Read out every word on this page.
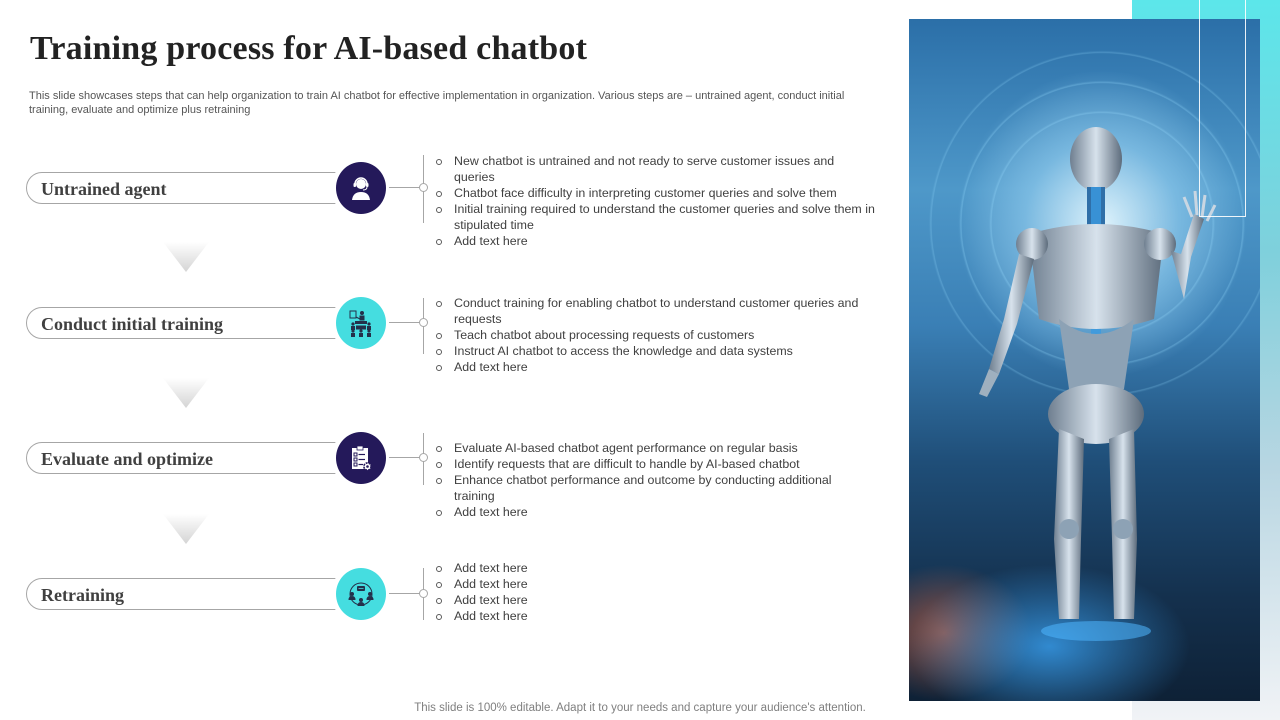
Training process for AI-based chatbot
This slide showcases steps that can help organization to train AI chatbot for effective implementation in organization. Various steps are – untrained agent, conduct initial training, evaluate and optimize plus retraining
Untrained agent
New chatbot is untrained and not ready to serve customer issues and queries
Chatbot face difficulty in interpreting customer queries and solve them
Initial training required to understand the customer queries and solve them in stipulated time
Add text here
Conduct initial training
Conduct training for enabling chatbot to understand customer queries and requests
Teach chatbot about processing requests of customers
Instruct AI chatbot to access the knowledge and data systems
Add text here
Evaluate and optimize
Evaluate AI-based chatbot agent performance on regular basis
Identify requests that are difficult to handle by AI-based chatbot
Enhance chatbot performance and outcome by conducting additional training
Add text here
Retraining
Add text here
Add text here
Add text here
Add text here
This slide is 100% editable. Adapt it to your needs and capture your audience's attention.
